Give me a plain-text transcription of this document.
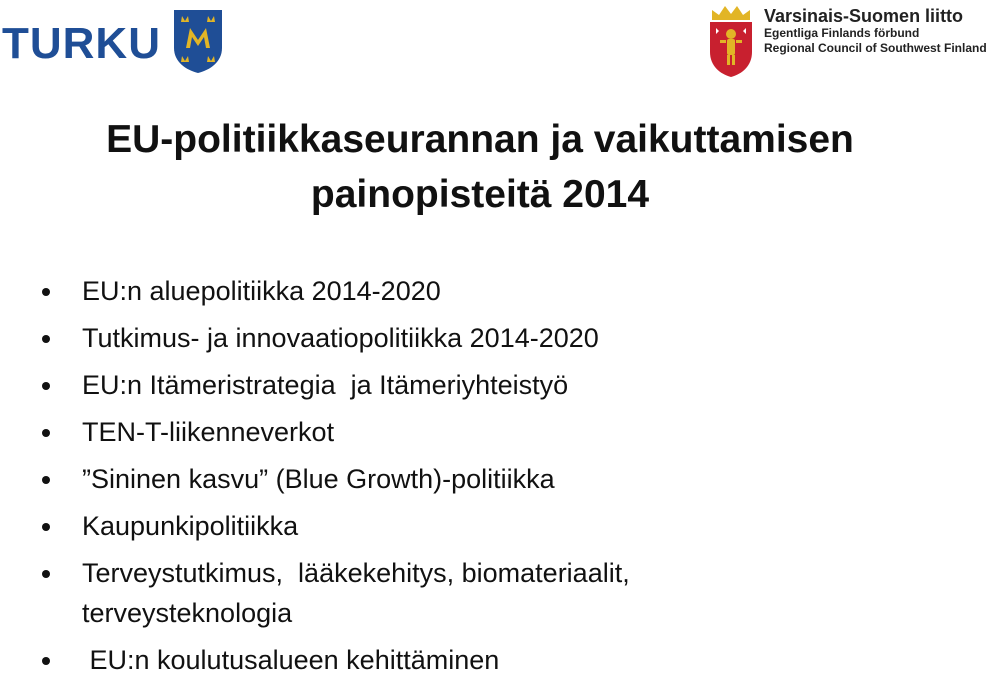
TURKU
Varsinais-Suomen liitto
Egentliga Finlands förbund
Regional Council of Southwest Finland
EU-politiikkaseurannan ja vaikuttamisen
painopisteitä 2014
EU:n aluepolitiikka 2014-2020
Tutkimus- ja innovaatiopolitiikka 2014-2020
EU:n Itämeristrategia  ja Itämeriyhteistyö
TEN-T-liikenneverkot
”Sininen kasvu” (Blue Growth)-politiikka
Kaupunkipolitiikka
Terveystutkimus,  lääkekehitys, biomateriaalit, terveysteknologia
EU:n koulutusalueen kehittäminen
